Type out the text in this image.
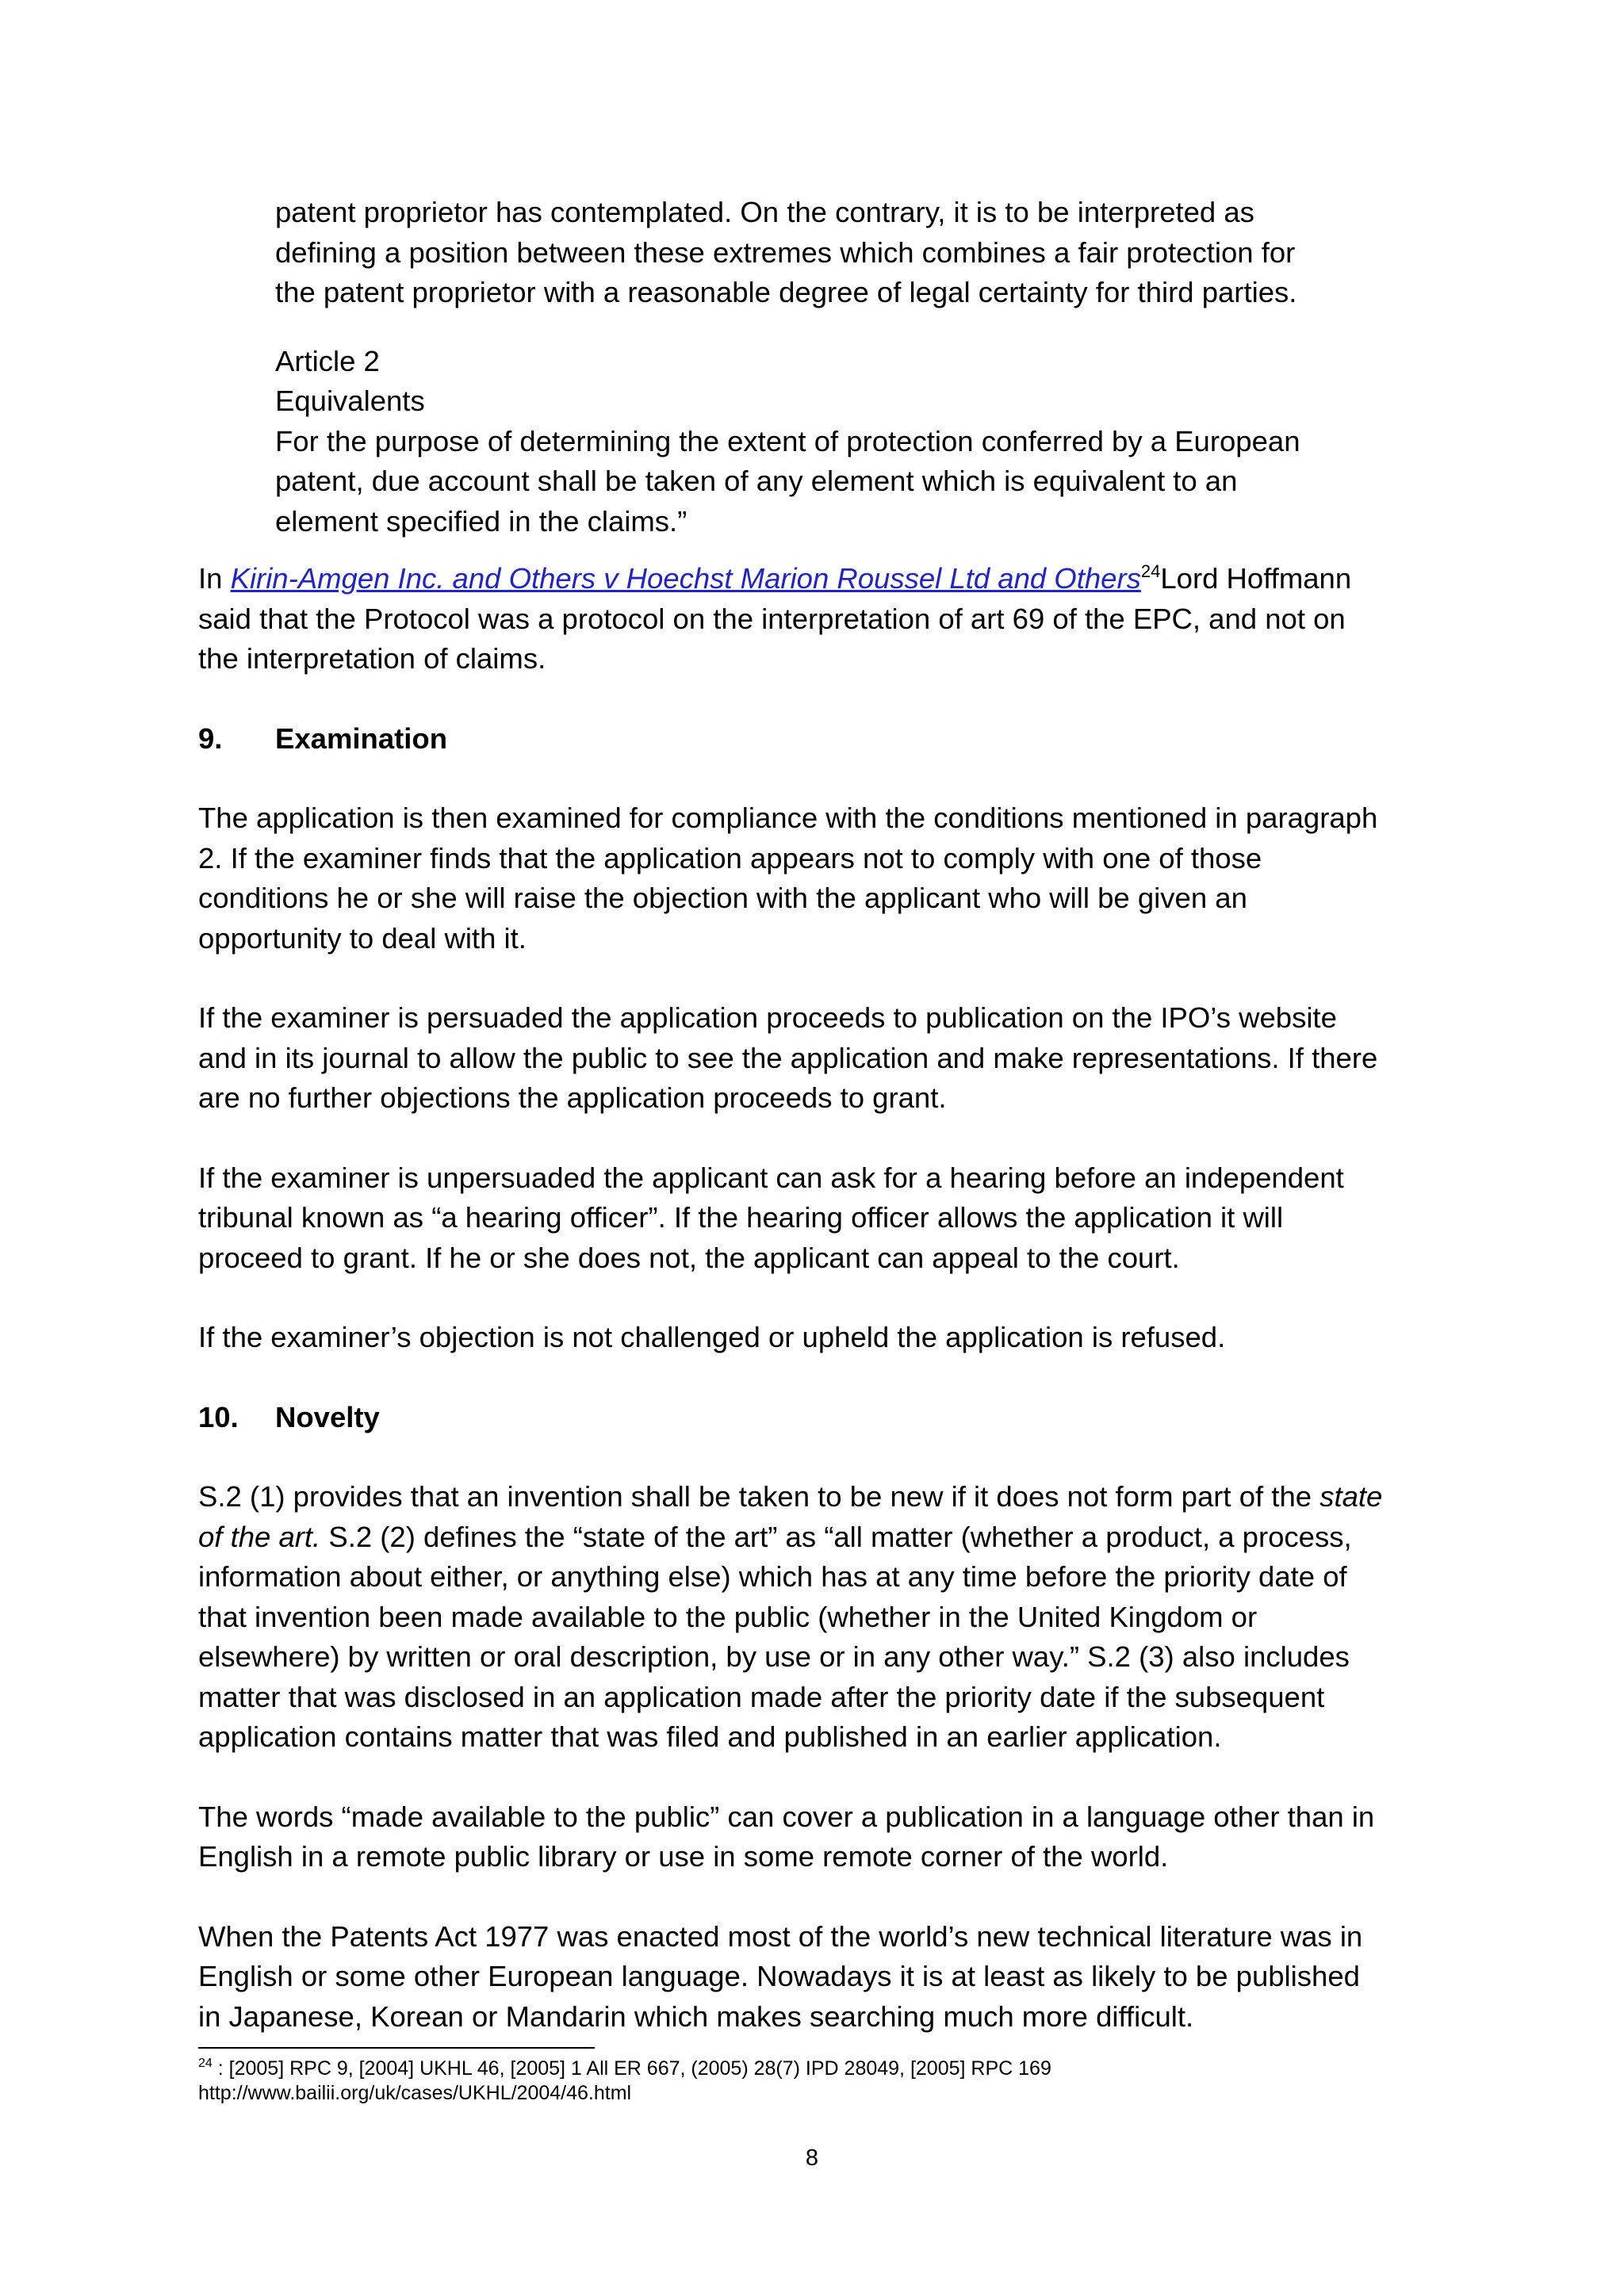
patent proprietor has contemplated. On the contrary, it is to be interpreted as

defining a position between these extremes which combines a fair protection for

the patent proprietor with a reasonable degree of legal certainty for third parties.

Article 2

Equivalents

For the purpose of determining the extent of protection conferred by a European

patent, due account shall be taken of any element which is equivalent to an

element specified in the claims.”

In Kirin-Amgen Inc. and Others v Hoechst Marion Roussel Ltd and Others$^{24}$Lord Hoffmann

said that the Protocol was a protocol on the interpretation of art 69 of the EPC, and not on

the interpretation of claims.

9. Examination

The application is then examined for compliance with the conditions mentioned in paragraph

2. If the examiner finds that the application appears not to comply with one of those

conditions he or she will raise the objection with the applicant who will be given an

opportunity to deal with it.

If the examiner is persuaded the application proceeds to publication on the IPO’s website

and in its journal to allow the public to see the application and make representations. If there

are no further objections the application proceeds to grant.

If the examiner is unpersuaded the applicant can ask for a hearing before an independent

tribunal known as “a hearing officer”. If the hearing officer allows the application it will

proceed to grant. If he or she does not, the applicant can appeal to the court.

If the examiner’s objection is not challenged or upheld the application is refused.

10. Novelty

S.2 (1) provides that an invention shall be taken to be new if it does not form part of the state

of the art. S.2 (2) defines the “state of the art” as “all matter (whether a product, a process,

information about either, or anything else) which has at any time before the priority date of

that invention been made available to the public (whether in the United Kingdom or

elsewhere) by written or oral description, by use or in any other way.” S.2 (3) also includes

matter that was disclosed in an application made after the priority date if the subsequent

application contains matter that was filed and published in an earlier application.

The words “made available to the public” can cover a publication in a language other than in

English in a remote public library or use in some remote corner of the world.

When the Patents Act 1977 was enacted most of the world’s new technical literature was in

English or some other European language. Nowadays it is at least as likely to be published

in Japanese, Korean or Mandarin which makes searching much more difficult.

$^{24}$ : [2005] RPC 9, [2004] UKHL 46, [2005] 1 All ER 667, (2005) 28(7) IPD 28049, [2005] RPC 169

http://www.bailii.org/uk/cases/UKHL/2004/46.html

8
